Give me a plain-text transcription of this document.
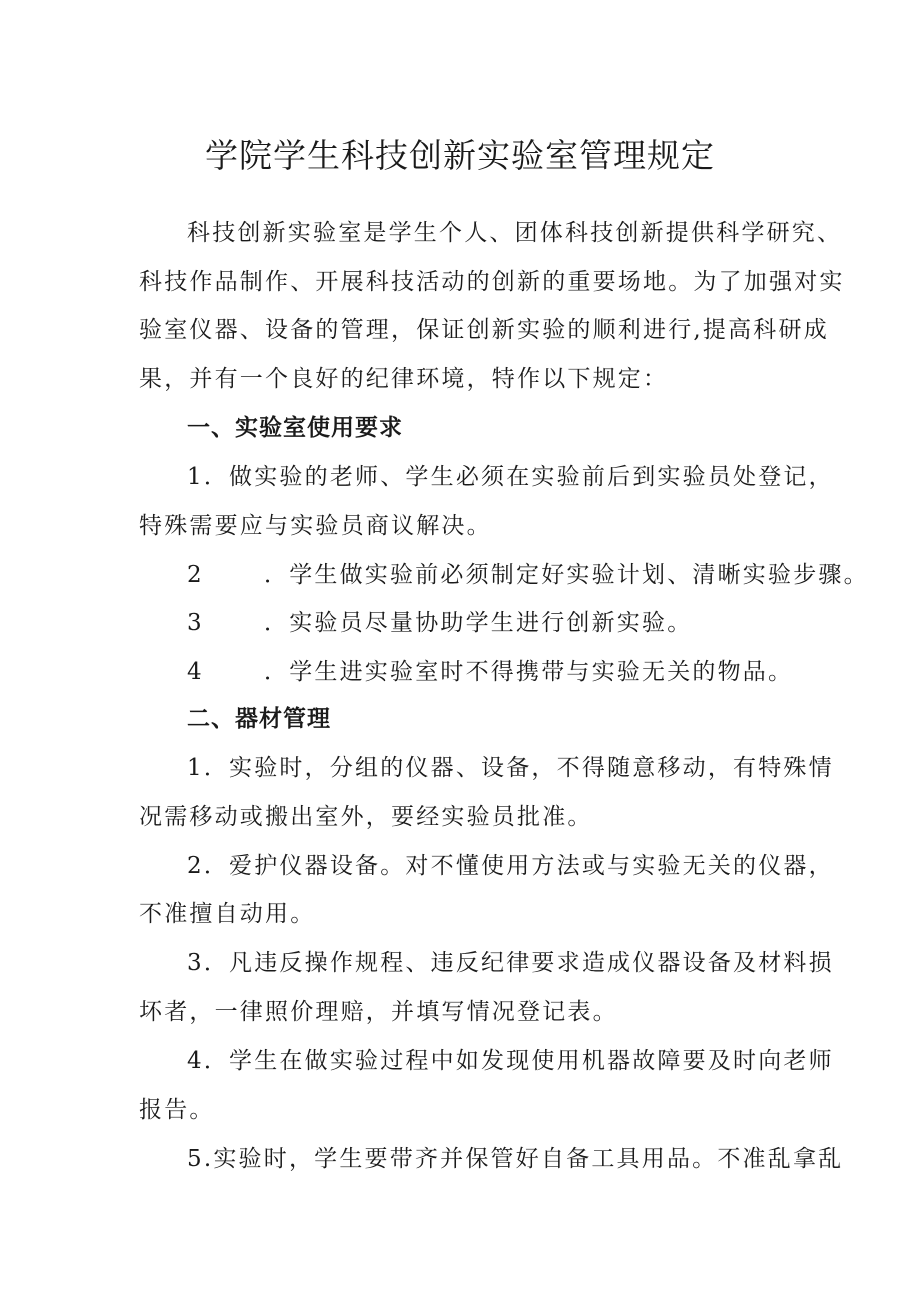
学院学生科技创新实验室管理规定
科技创新实验室是学生个人、团体科技创新提供科学研究、
科技作品制作、开展科技活动的创新的重要场地。为了加强对实
验室仪器、设备的管理，保证创新实验的顺利进行,提高科研成
果，并有一个良好的纪律环境，特作以下规定：
一、实验室使用要求
1．做实验的老师、学生必须在实验前后到实验员处登记，
特殊需要应与实验员商议解决。
2	．学生做实验前必须制定好实验计划、清晰实验步骤。
3	．实验员尽量协助学生进行创新实验。
4	．学生进实验室时不得携带与实验无关的物品。
二、器材管理
1．实验时，分组的仪器、设备，不得随意移动，有特殊情
况需移动或搬出室外，要经实验员批准。
2．爱护仪器设备。对不懂使用方法或与实验无关的仪器，
不准擅自动用。
3．凡违反操作规程、违反纪律要求造成仪器设备及材料损
坏者，一律照价理赔，并填写情况登记表。
4．学生在做实验过程中如发现使用机器故障要及时向老师
报告。
5.实验时，学生要带齐并保管好自备工具用品。不准乱拿乱
